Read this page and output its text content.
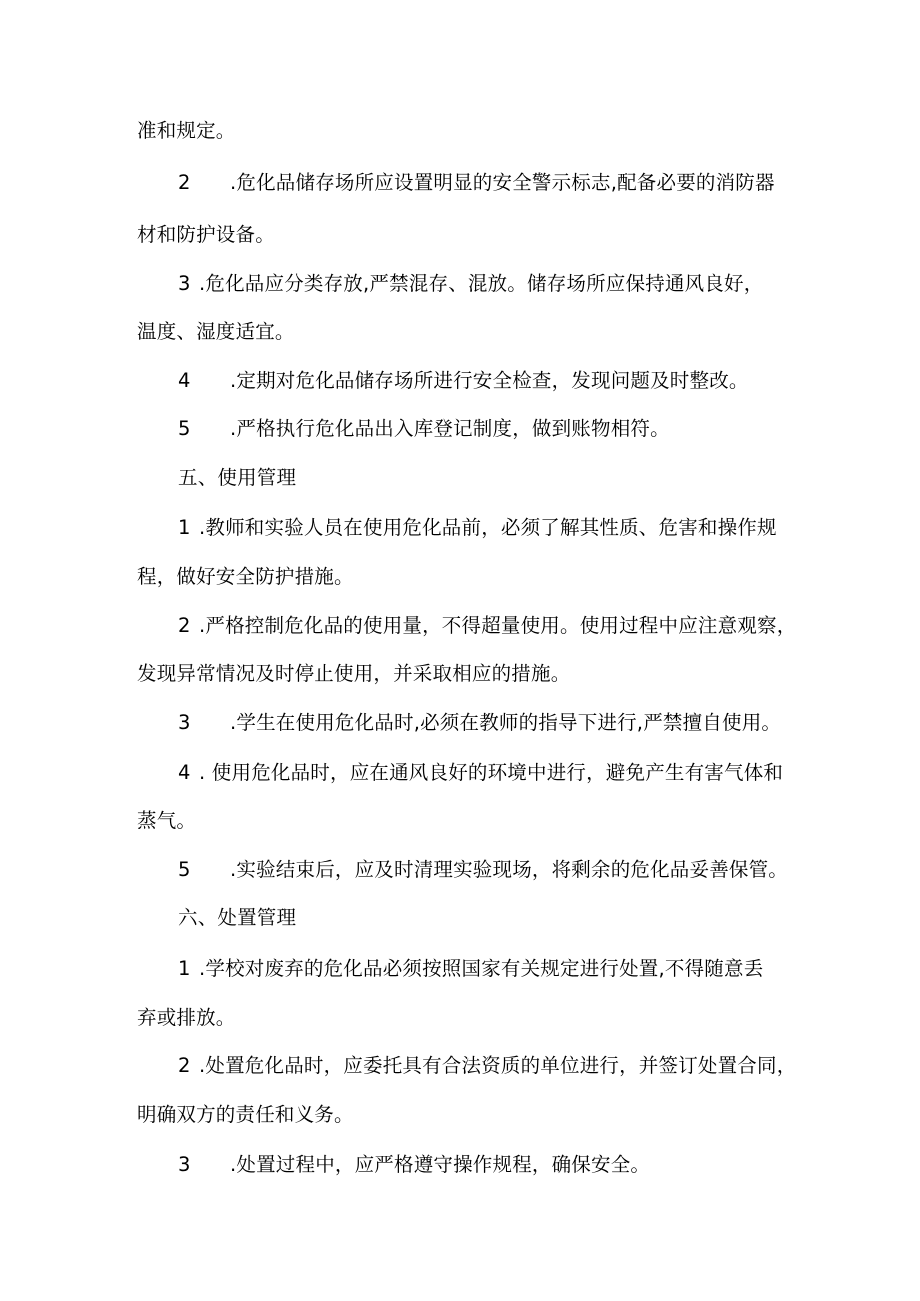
准和规定。
2 .危化品储存场所应设置明显的安全警示标志,配备必要的消防器
材和防护设备。
3 .危化品应分类存放,严禁混存、混放。储存场所应保持通风良好，
温度、湿度适宜。
4 .定期对危化品储存场所进行安全检查，发现问题及时整改。
5 .严格执行危化品出入库登记制度，做到账物相符。
五、使用管理
1 .教师和实验人员在使用危化品前，必须了解其性质、危害和操作规
程，做好安全防护措施。
2 .严格控制危化品的使用量，不得超量使用。使用过程中应注意观察，
发现异常情况及时停止使用，并采取相应的措施。
3 .学生在使用危化品时,必须在教师的指导下进行,严禁擅自使用。
4 . 使用危化品时，应在通风良好的环境中进行，避免产生有害气体和
蒸气。
5 .实验结束后，应及时清理实验现场，将剩余的危化品妥善保管。
六、处置管理
1 .学校对废弃的危化品必须按照国家有关规定进行处置,不得随意丢
弃或排放。
2 .处置危化品时，应委托具有合法资质的单位进行，并签订处置合同，
明确双方的责任和义务。
3 .处置过程中，应严格遵守操作规程，确保安全。
